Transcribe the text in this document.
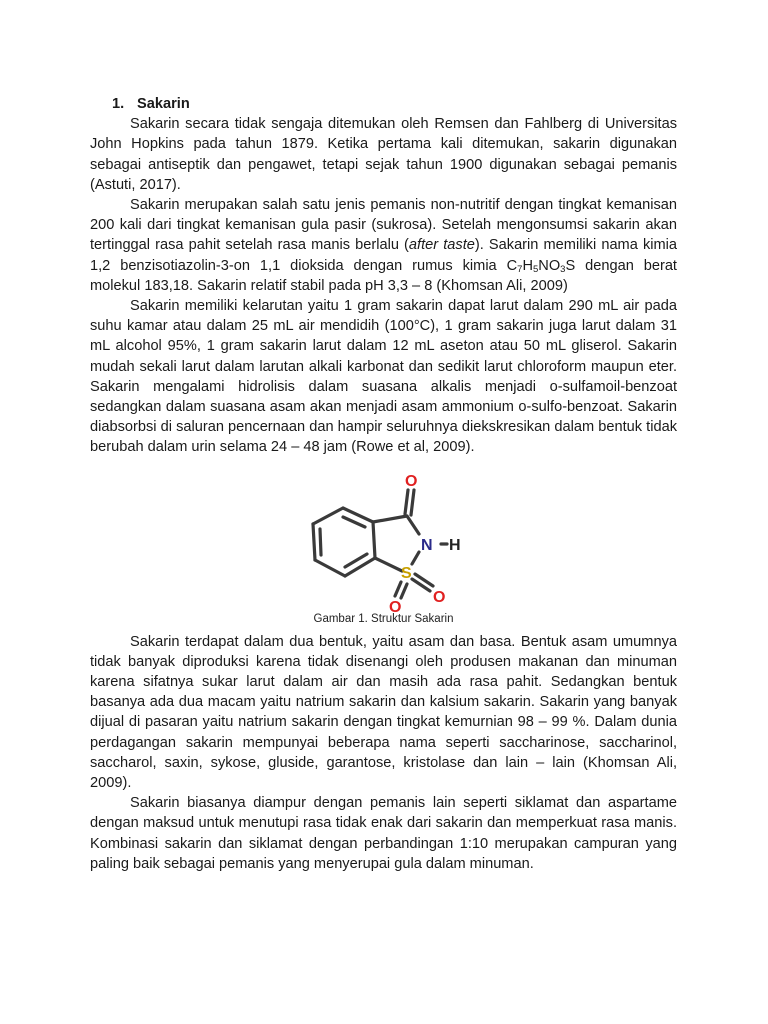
1. Sakarin

Sakarin secara tidak sengaja ditemukan oleh Remsen dan Fahlberg di Universitas John Hopkins pada tahun 1879. Ketika pertama kali ditemukan, sakarin digunakan sebagai antiseptik dan pengawet, tetapi sejak tahun 1900 digunakan sebagai pemanis (Astuti, 2017).

Sakarin merupakan salah satu jenis pemanis non-nutritif dengan tingkat kemanisan 200 kali dari tingkat kemanisan gula pasir (sukrosa). Setelah mengonsumsi sakarin akan tertinggal rasa pahit setelah rasa manis berlalu (after taste). Sakarin memiliki nama kimia 1,2 benzisotiazolin-3-on 1,1 dioksida dengan rumus kimia $C_7H_5NO_3S$ dengan berat molekul 183,18. Sakarin relatif stabil pada pH 3,3 – 8 (Khomsan Ali, 2009)

Sakarin memiliki kelarutan yaitu 1 gram sakarin dapat larut dalam 290 mL air pada suhu kamar atau dalam 25 mL air mendidih (100°C), 1 gram sakarin juga larut dalam 31 mL alcohol 95%, 1 gram sakarin larut dalam 12 mL aseton atau 50 mL gliserol. Sakarin mudah sekali larut dalam larutan alkali karbonat dan sedikit larut chloroform maupun eter. Sakarin mengalami hidrolisis dalam suasana alkalis menjadi o-sulfamoil-benzoat sedangkan dalam suasana asam akan menjadi asam ammonium o-sulfo-benzoat. Sakarin diabsorbsi di saluran pencernaan dan hampir seluruhnya diekskresikan dalam bentuk tidak berubah dalam urin selama 24 – 48 jam (Rowe et al, 2009).

O
N H
S
O
O
Gambar 1. Struktur Sakarin

Sakarin terdapat dalam dua bentuk, yaitu asam dan basa. Bentuk asam umumnya tidak banyak diproduksi karena tidak disenangi oleh produsen makanan dan minuman karena sifatnya sukar larut dalam air dan masih ada rasa pahit. Sedangkan bentuk basanya ada dua macam yaitu natrium sakarin dan kalsium sakarin. Sakarin yang banyak dijual di pasaran yaitu natrium sakarin dengan tingkat kemurnian 98 – 99 %. Dalam dunia perdagangan sakarin mempunyai beberapa nama seperti saccharinose, saccharinol, saccharol, saxin, sykose, gluside, garantose, kristolase dan lain – lain (Khomsan Ali, 2009).

Sakarin biasanya diampur dengan pemanis lain seperti siklamat dan aspartame dengan maksud untuk menutupi rasa tidak enak dari sakarin dan memperkuat rasa manis. Kombinasi sakarin dan siklamat dengan perbandingan 1:10 merupakan campuran yang paling baik sebagai pemanis yang menyerupai gula dalam minuman.
